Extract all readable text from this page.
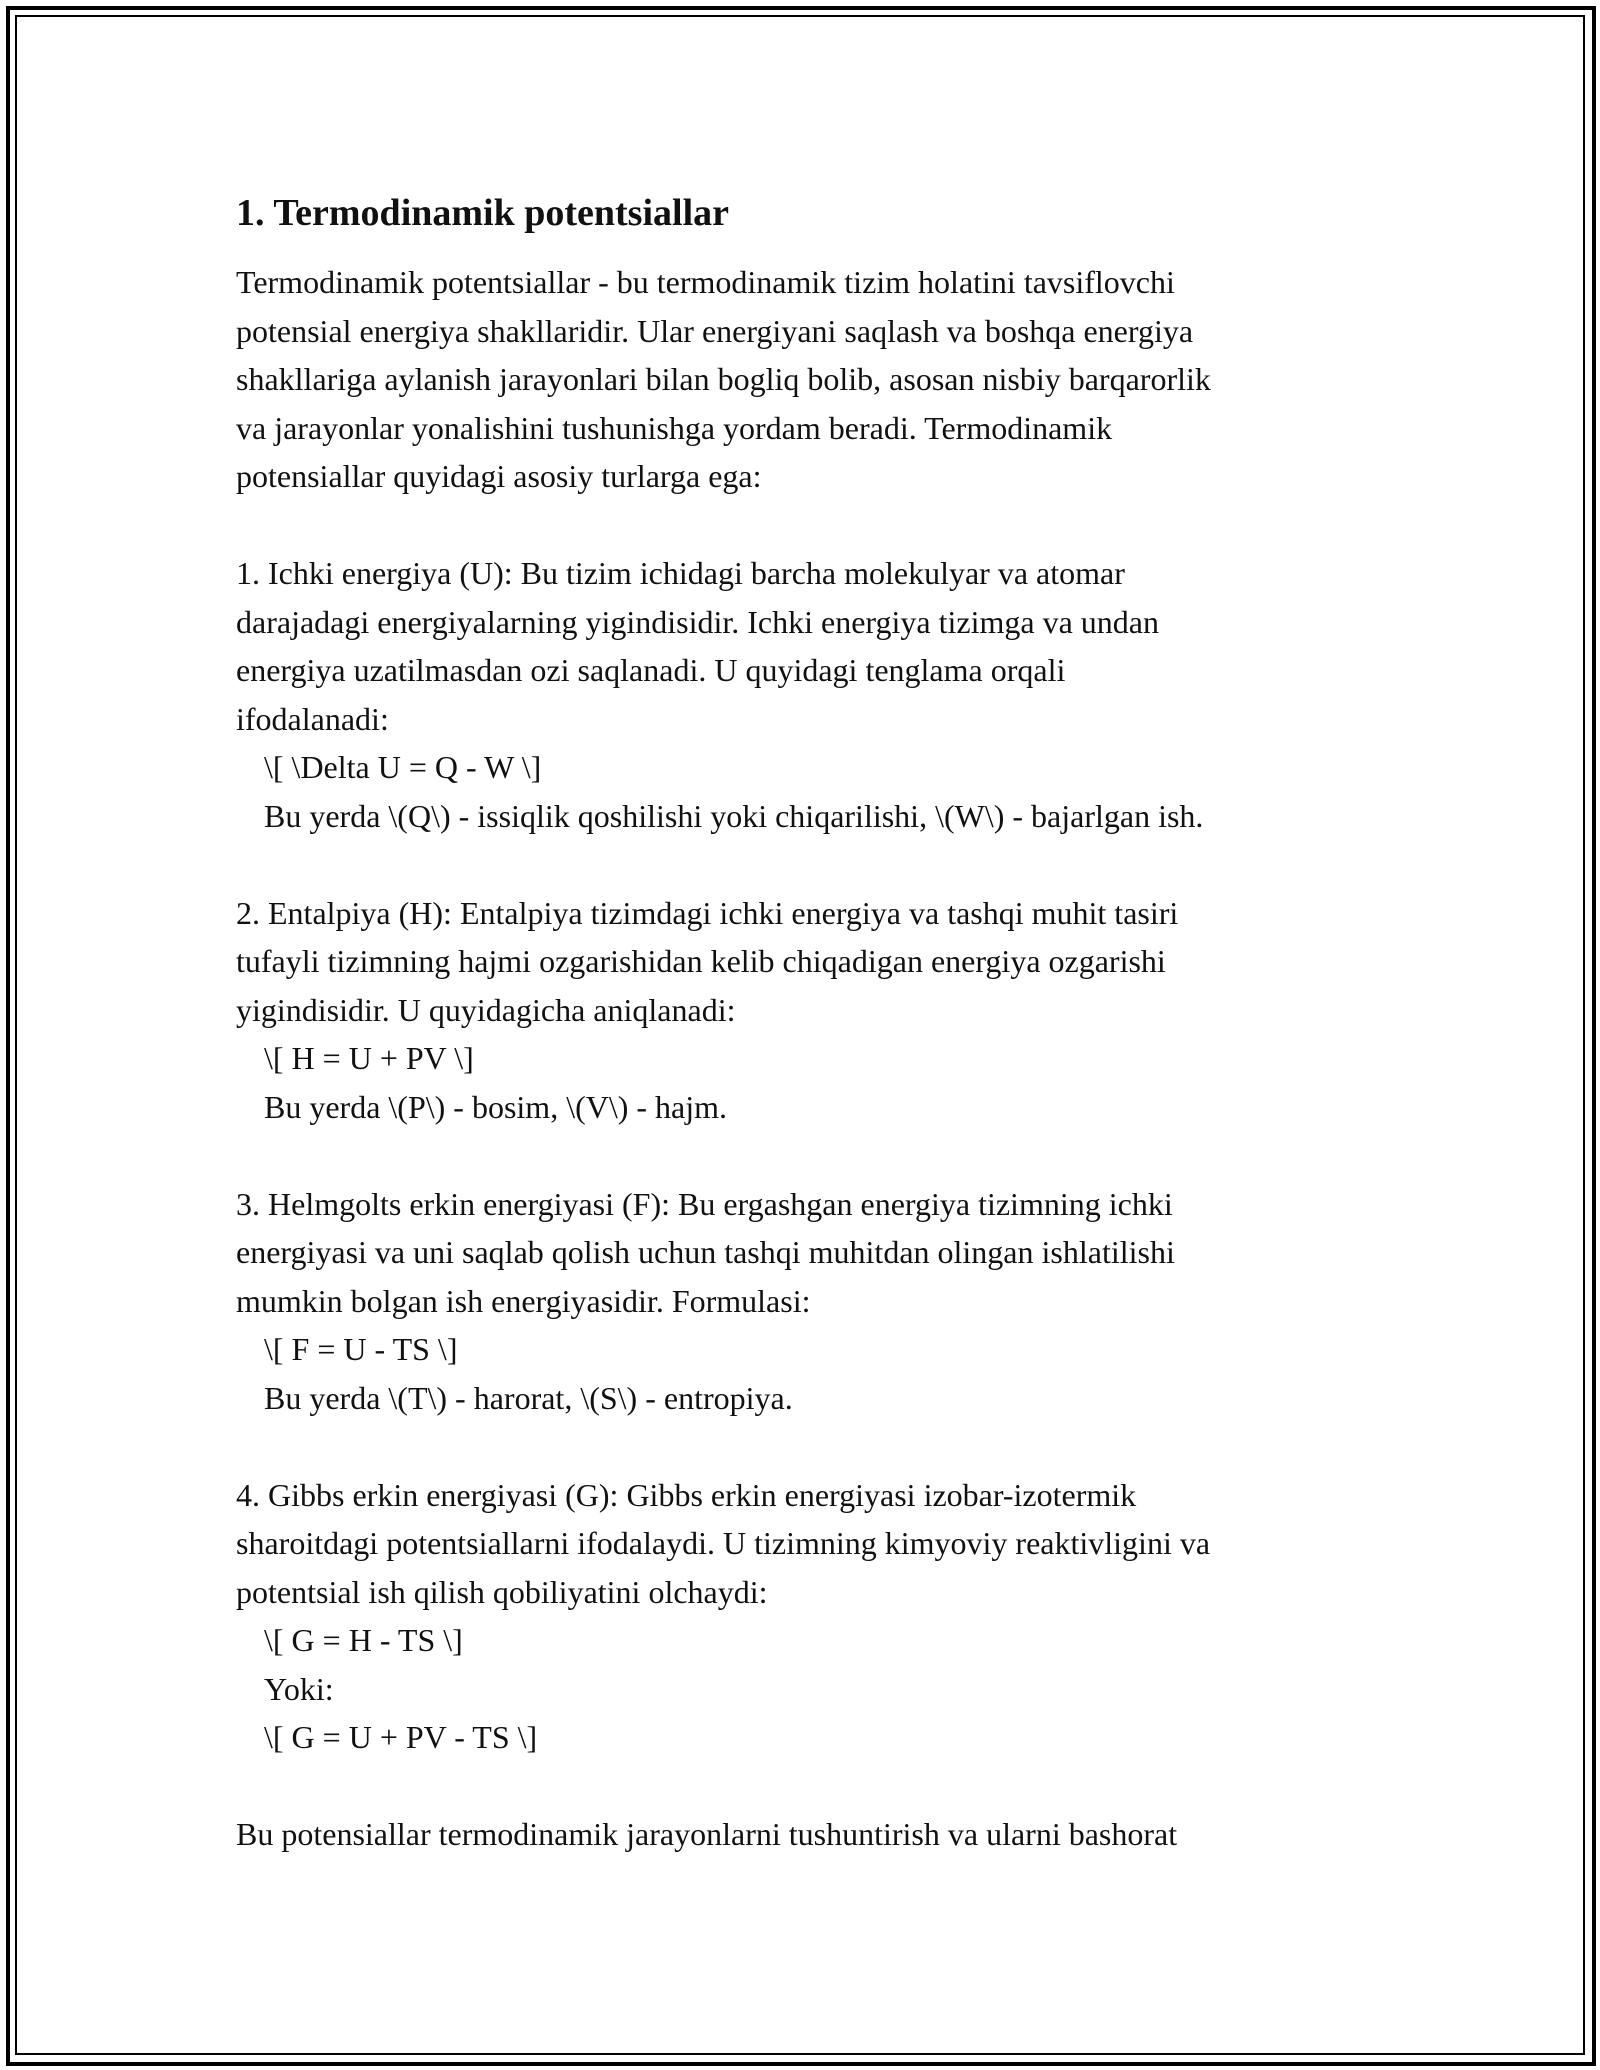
1. Termodinamik potentsiallar
Termodinamik potentsiallar - bu termodinamik tizim holatini tavsiflovchi
potensial energiya shakllaridir. Ular energiyani saqlash va boshqa energiya
shakllariga aylanish jarayonlari bilan bogliq bolib, asosan nisbiy barqarorlik
va jarayonlar yonalishini tushunishga yordam beradi. Termodinamik
potensiallar quyidagi asosiy turlarga ega:
1. Ichki energiya (U): Bu tizim ichidagi barcha molekulyar va atomar
darajadagi energiyalarning yigindisidir. Ichki energiya tizimga va undan
energiya uzatilmasdan ozi saqlanadi. U quyidagi tenglama orqali
ifodalanadi:
\[ \Delta U = Q - W \]
Bu yerda \(Q\) - issiqlik qoshilishi yoki chiqarilishi, \(W\) - bajarlgan ish.
2. Entalpiya (H): Entalpiya tizimdagi ichki energiya va tashqi muhit tasiri
tufayli tizimning hajmi ozgarishidan kelib chiqadigan energiya ozgarishi
yigindisidir. U quyidagicha aniqlanadi:
\[ H = U + PV \]
Bu yerda \(P\) - bosim, \(V\) - hajm.
3. Helmgolts erkin energiyasi (F): Bu ergashgan energiya tizimning ichki
energiyasi va uni saqlab qolish uchun tashqi muhitdan olingan ishlatilishi
mumkin bolgan ish energiyasidir. Formulasi:
\[ F = U - TS \]
Bu yerda \(T\) - harorat, \(S\) - entropiya.
4. Gibbs erkin energiyasi (G): Gibbs erkin energiyasi izobar-izotermik
sharoitdagi potentsiallarni ifodalaydi. U tizimning kimyoviy reaktivligini va
potentsial ish qilish qobiliyatini olchaydi:
\[ G = H - TS \]
Yoki:
\[ G = U + PV - TS \]
Bu potensiallar termodinamik jarayonlarni tushuntirish va ularni bashorat
